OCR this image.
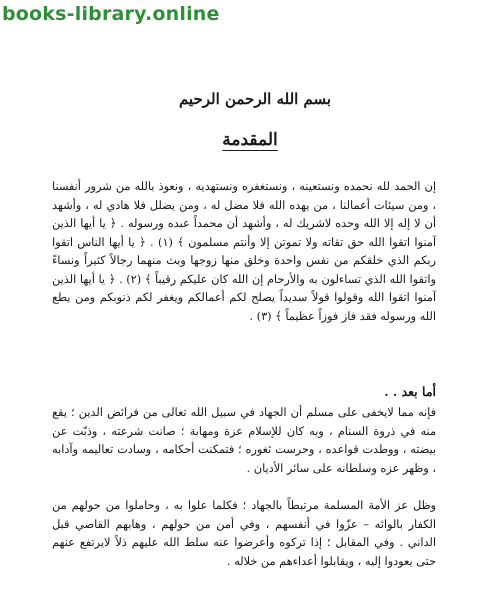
books-library.online
بسم الله الرحمن الرحيم
المقدمة
إن الحمد لله نحمده ونستعينه ، ونستغفره ونستهديه ، ونعوذ بالله من شرور أنفسنا ، ومن سيئات أعمالنا ، من يهده الله فلا مضل له ، ومن يضلل فلا هادي له ، وأشهد أن لا إله إلا الله وحده لاشريك له ، وأشهد أن محمداً عبده ورسوله . ﴿ يا أيها الذين آمنوا اتقوا الله حق تقاته ولا تموتن إلا وأنتم مسلمون ﴾ (١) . ﴿ يا أيها الناس اتقوا ربكم الذي خلقكم من نفس واحدة وخلق منها زوجها وبث منهما رجالاً كثيراً ونساءً واتقوا الله الذي تساءلون به والأرحام إن الله كان عليكم رقيباً ﴾ (٢) . ﴿ يا أيها الذين آمنوا اتقوا الله وقولوا قولاً سديداً يصلح لكم أعمالكم ويغفر لكم ذنوبكم ومن يطع الله ورسوله فقد فاز فوزاً عظيماً ﴾ (٣) .
أما بعد . .
فإنه مما لايخفى على مسلم أن الجهاد في سبيل الله تعالى من فرائض الدين ؛ يقع منه في ذروة السنام ، وبه كان للإسلام عزة ومهابة ؛ صانت شرعته ، وذبّت عن بيضته ، ووطدت قواعده ، وحرست ثغوره ؛ فتمكنت أحكامه ، وسادت تعاليمه وآدابه ، وظهر عزه وسلطانه على سائر الأديان .
وظل عز الأمة المسلمة مرتبطاً بالجهاد ؛ فكلما علوا به ، وحاملوا من حولهم من الكفار بالوائه – عزّوا في أنفسهم ، وفي أمن من حولهم ، وهابهم القاصي قبل الداني . وفي المقابل ؛ إذا تركوه وأعرضوا عنه سلط الله عليهم ذلاً لايرتفع عنهم حتى يعودوا إليه ، ويقابلوا أعداءهم من خلاله .
